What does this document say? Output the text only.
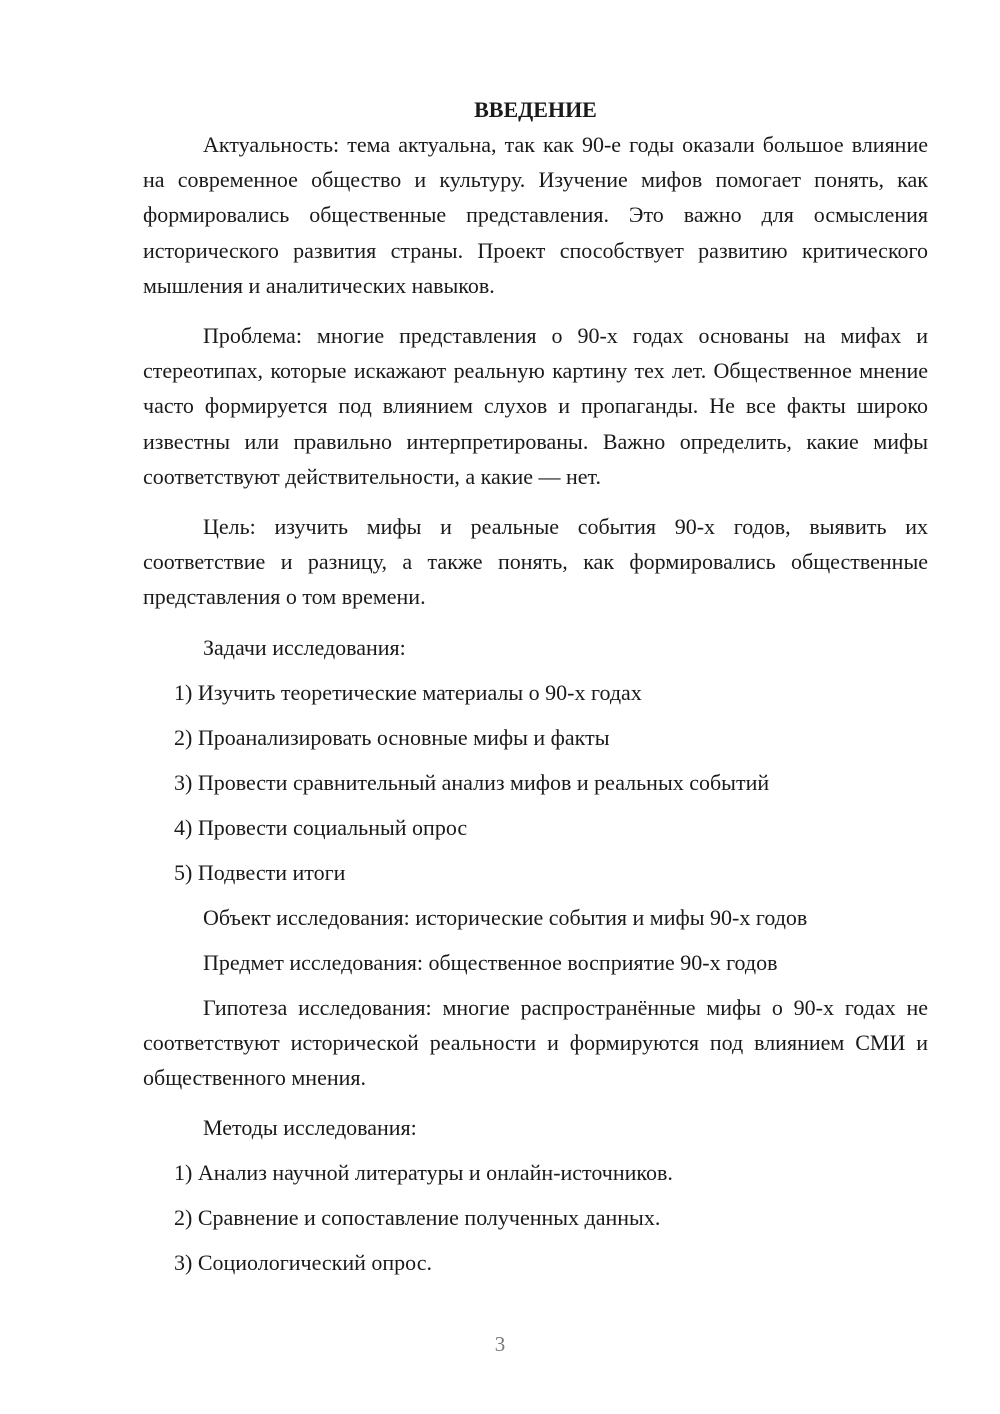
ВВЕДЕНИЕ

Актуальность: тема актуальна, так как 90-е годы оказали большое влияние на современное общество и культуру. Изучение мифов помогает понять, как формировались общественные представления. Это важно для осмысления исторического развития страны. Проект способствует развитию критического мышления и аналитических навыков.

Проблема: многие представления о 90-х годах основаны на мифах и стереотипах, которые искажают реальную картину тех лет. Общественное мнение часто формируется под влиянием слухов и пропаганды. Не все факты широко известны или правильно интерпретированы. Важно определить, какие мифы соответствуют действительности, а какие — нет.

Цель: изучить мифы и реальные события 90-х годов, выявить их соответствие и разницу, а также понять, как формировались общественные представления о том времени.

Задачи исследования:
1) Изучить теоретические материалы о 90-х годах
2) Проанализировать основные мифы и факты
3) Провести сравнительный анализ мифов и реальных событий
4) Провести социальный опрос
5) Подвести итоги
Объект исследования: исторические события и мифы 90-х годов
Предмет исследования: общественное восприятие 90-х годов

Гипотеза исследования: многие распространённые мифы о 90-х годах не соответствуют исторической реальности и формируются под влиянием СМИ и общественного мнения.

Методы исследования:
1) Анализ научной литературы и онлайн-источников.
2) Сравнение и сопоставление полученных данных.
3) Социологический опрос.
3
